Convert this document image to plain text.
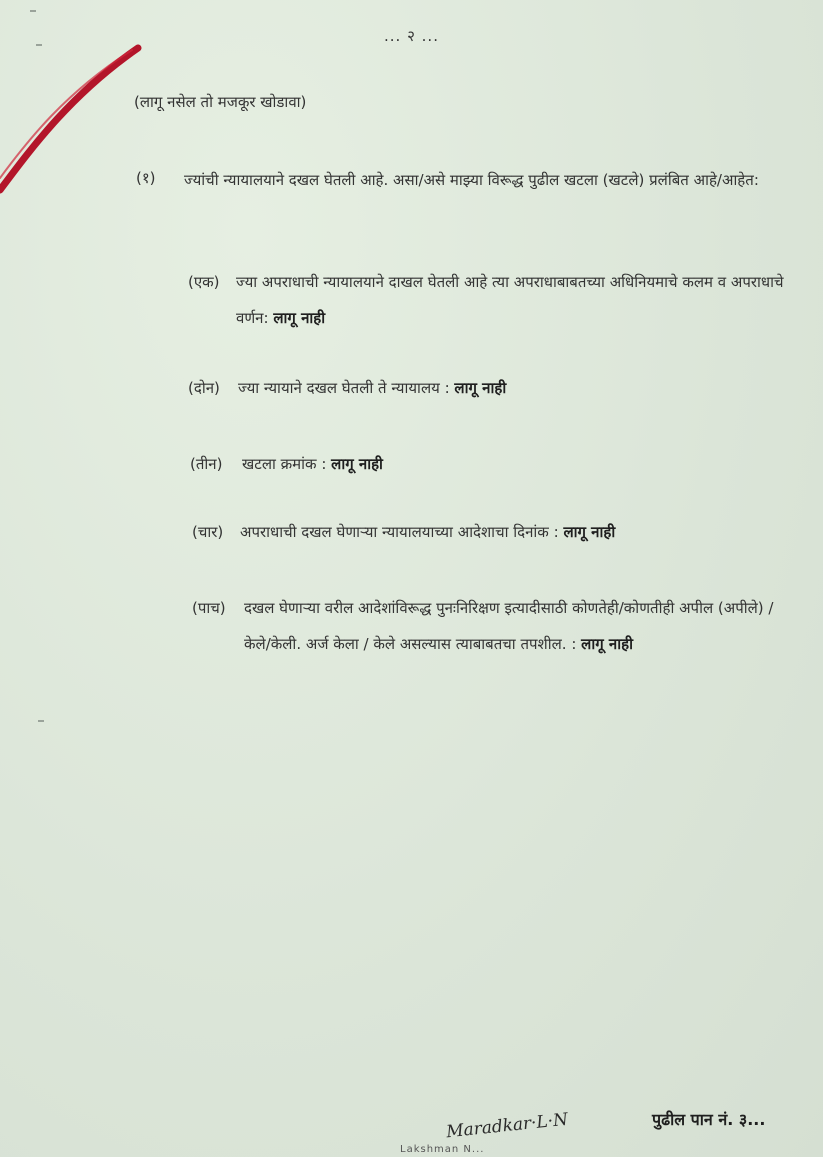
... २ ...
(लागू नसेल तो मजकूर खोडावा)
(१) ज्यांची न्यायालयाने दखल घेतली आहे. असा/असे माझ्या विरूद्ध पुढील खटला (खटले) प्रलंबित आहे/आहेत:
(एक)	ज्या अपराधाची न्यायालयाने दाखल घेतली आहे त्या अपराधाबाबतच्या अधिनियमाचे कलम व अपराधाचे वर्णन: लागू नाही
(दोन)	ज्या न्यायाने दखल घेतली ते न्यायालय : लागू नाही
(तीन)	खटला क्रमांक : लागू नाही
(चार)	अपराधाची दखल घेणाऱ्या न्यायालयाच्या आदेशाचा दिनांक : लागू नाही
(पाच)	दखल घेणाऱ्या वरील आदेशांविरूद्ध पुनःनिरिक्षण इत्यादीसाठी कोणतेही/कोणतीही अपील (अपीले) / केले/केली. अर्ज केला / केले असल्यास त्याबाबतचा तपशील. : लागू नाही
Maradkar·L·N
Lakshman N...
पुढील पान नं. ३...
